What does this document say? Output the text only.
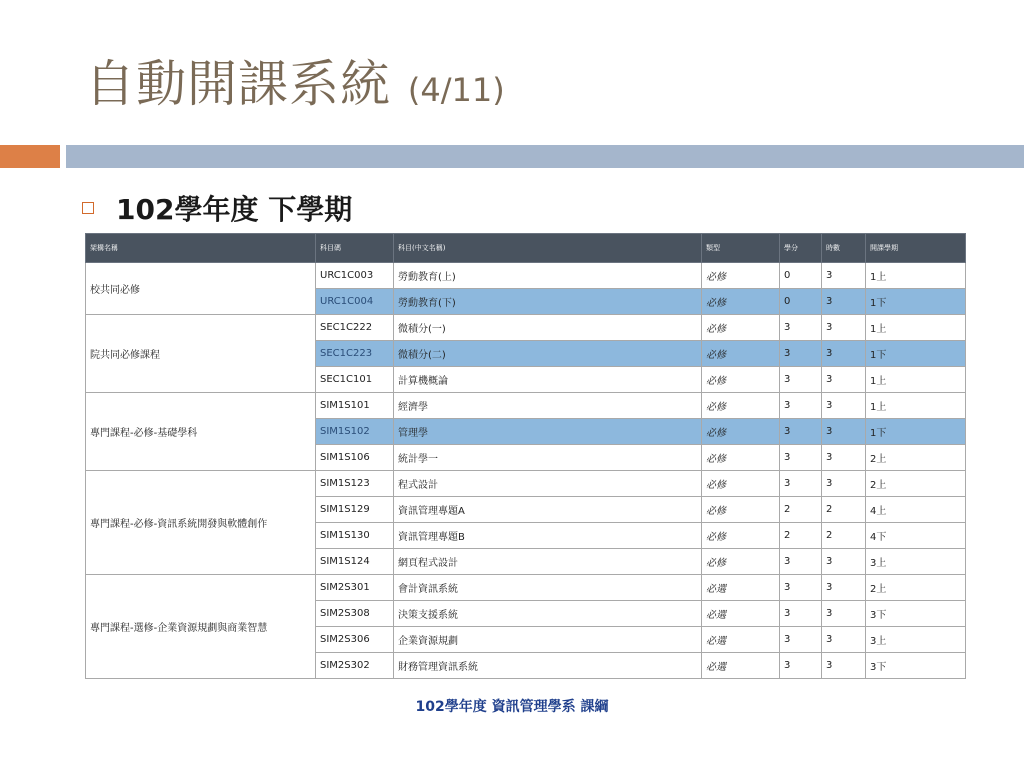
自動開課系統 (4/11)
102學年度 下學期
架構名稱	科目碼	科目(中文名稱)	類型	學分	時數	開課學期
校共同必修	URC1C003	勞動教育(上)	必修	0	3	1上
	URC1C004	勞動教育(下)	必修	0	3	1下
院共同必修課程	SEC1C222	微積分(一)	必修	3	3	1上
	SEC1C223	微積分(二)	必修	3	3	1下
	SEC1C101	計算機概論	必修	3	3	1上
專門課程-必修-基礎學科	SIM1S101	經濟學	必修	3	3	1上
	SIM1S102	管理學	必修	3	3	1下
	SIM1S106	統計學一	必修	3	3	2上
專門課程-必修-資訊系統開發與軟體創作	SIM1S123	程式設計	必修	3	3	2上
	SIM1S129	資訊管理專題A	必修	2	2	4上
	SIM1S130	資訊管理專題B	必修	2	2	4下
	SIM1S124	網頁程式設計	必修	3	3	3上
專門課程-選修-企業資源規劃與商業智慧	SIM2S301	會計資訊系統	必選	3	3	2上
	SIM2S308	決策支援系統	必選	3	3	3下
	SIM2S306	企業資源規劃	必選	3	3	3上
	SIM2S302	財務管理資訊系統	必選	3	3	3下
102學年度 資訊管理學系 課綱
